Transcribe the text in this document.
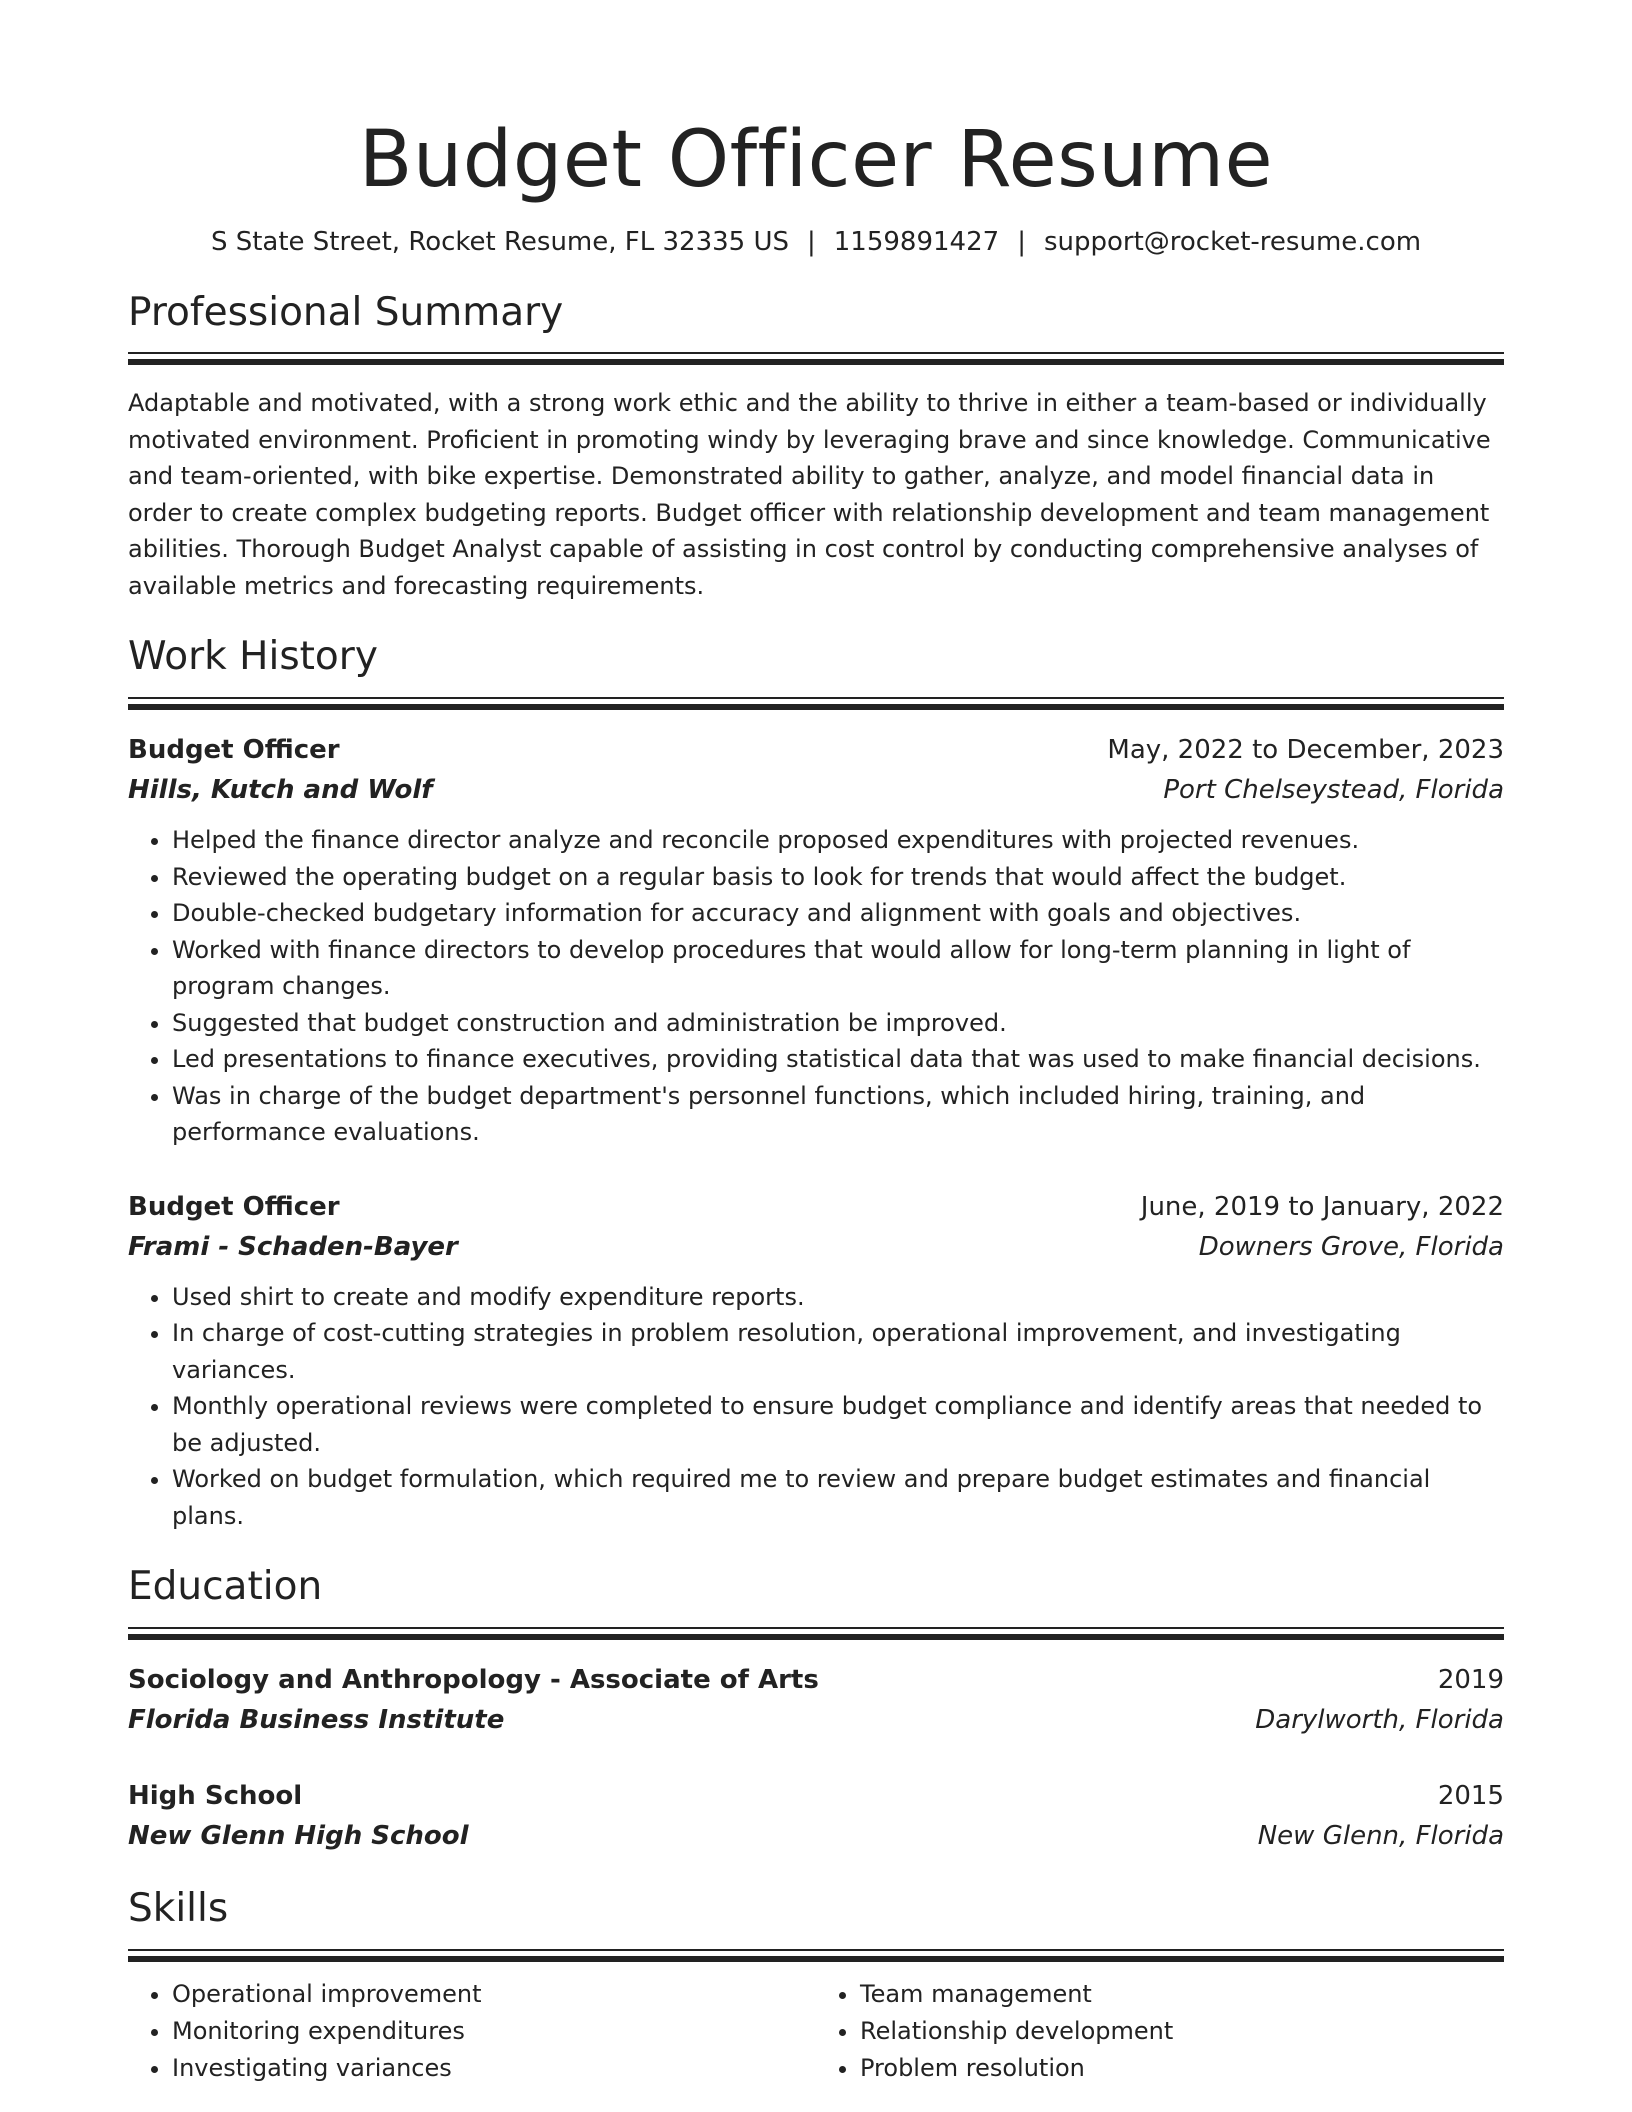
Budget Officer Resume
S State Street, Rocket Resume, FL 32335 US | 1159891427 | support@rocket-resume.com
Professional Summary

Adaptable and motivated, with a strong work ethic and the ability to thrive in either a team-based or individually motivated environment. Proficient in promoting windy by leveraging brave and since knowledge. Communicative and team-oriented, with bike expertise. Demonstrated ability to gather, analyze, and model financial data in order to create complex budgeting reports. Budget officer with relationship development and team management abilities. Thorough Budget Analyst capable of assisting in cost control by conducting comprehensive analyses of available metrics and forecasting requirements.

Work History
Budget Officer	May, 2022 to December, 2023
Hills, Kutch and Wolf	Port Chelseystead, Florida
• Helped the finance director analyze and reconcile proposed expenditures with projected revenues.
• Reviewed the operating budget on a regular basis to look for trends that would affect the budget.
• Double-checked budgetary information for accuracy and alignment with goals and objectives.
• Worked with finance directors to develop procedures that would allow for long-term planning in light of program changes.
• Suggested that budget construction and administration be improved.
• Led presentations to finance executives, providing statistical data that was used to make financial decisions.
• Was in charge of the budget department's personnel functions, which included hiring, training, and performance evaluations.
Budget Officer	June, 2019 to January, 2022
Frami - Schaden-Bayer	Downers Grove, Florida
• Used shirt to create and modify expenditure reports.
• In charge of cost-cutting strategies in problem resolution, operational improvement, and investigating variances.
• Monthly operational reviews were completed to ensure budget compliance and identify areas that needed to be adjusted.
• Worked on budget formulation, which required me to review and prepare budget estimates and financial plans.
Education
Sociology and Anthropology - Associate of Arts	2019
Florida Business Institute	Darylworth, Florida
High School	2015
New Glenn High School	New Glenn, Florida
Skills
• Operational improvement
• Monitoring expenditures
• Investigating variances
• Team management
• Relationship development
• Problem resolution
